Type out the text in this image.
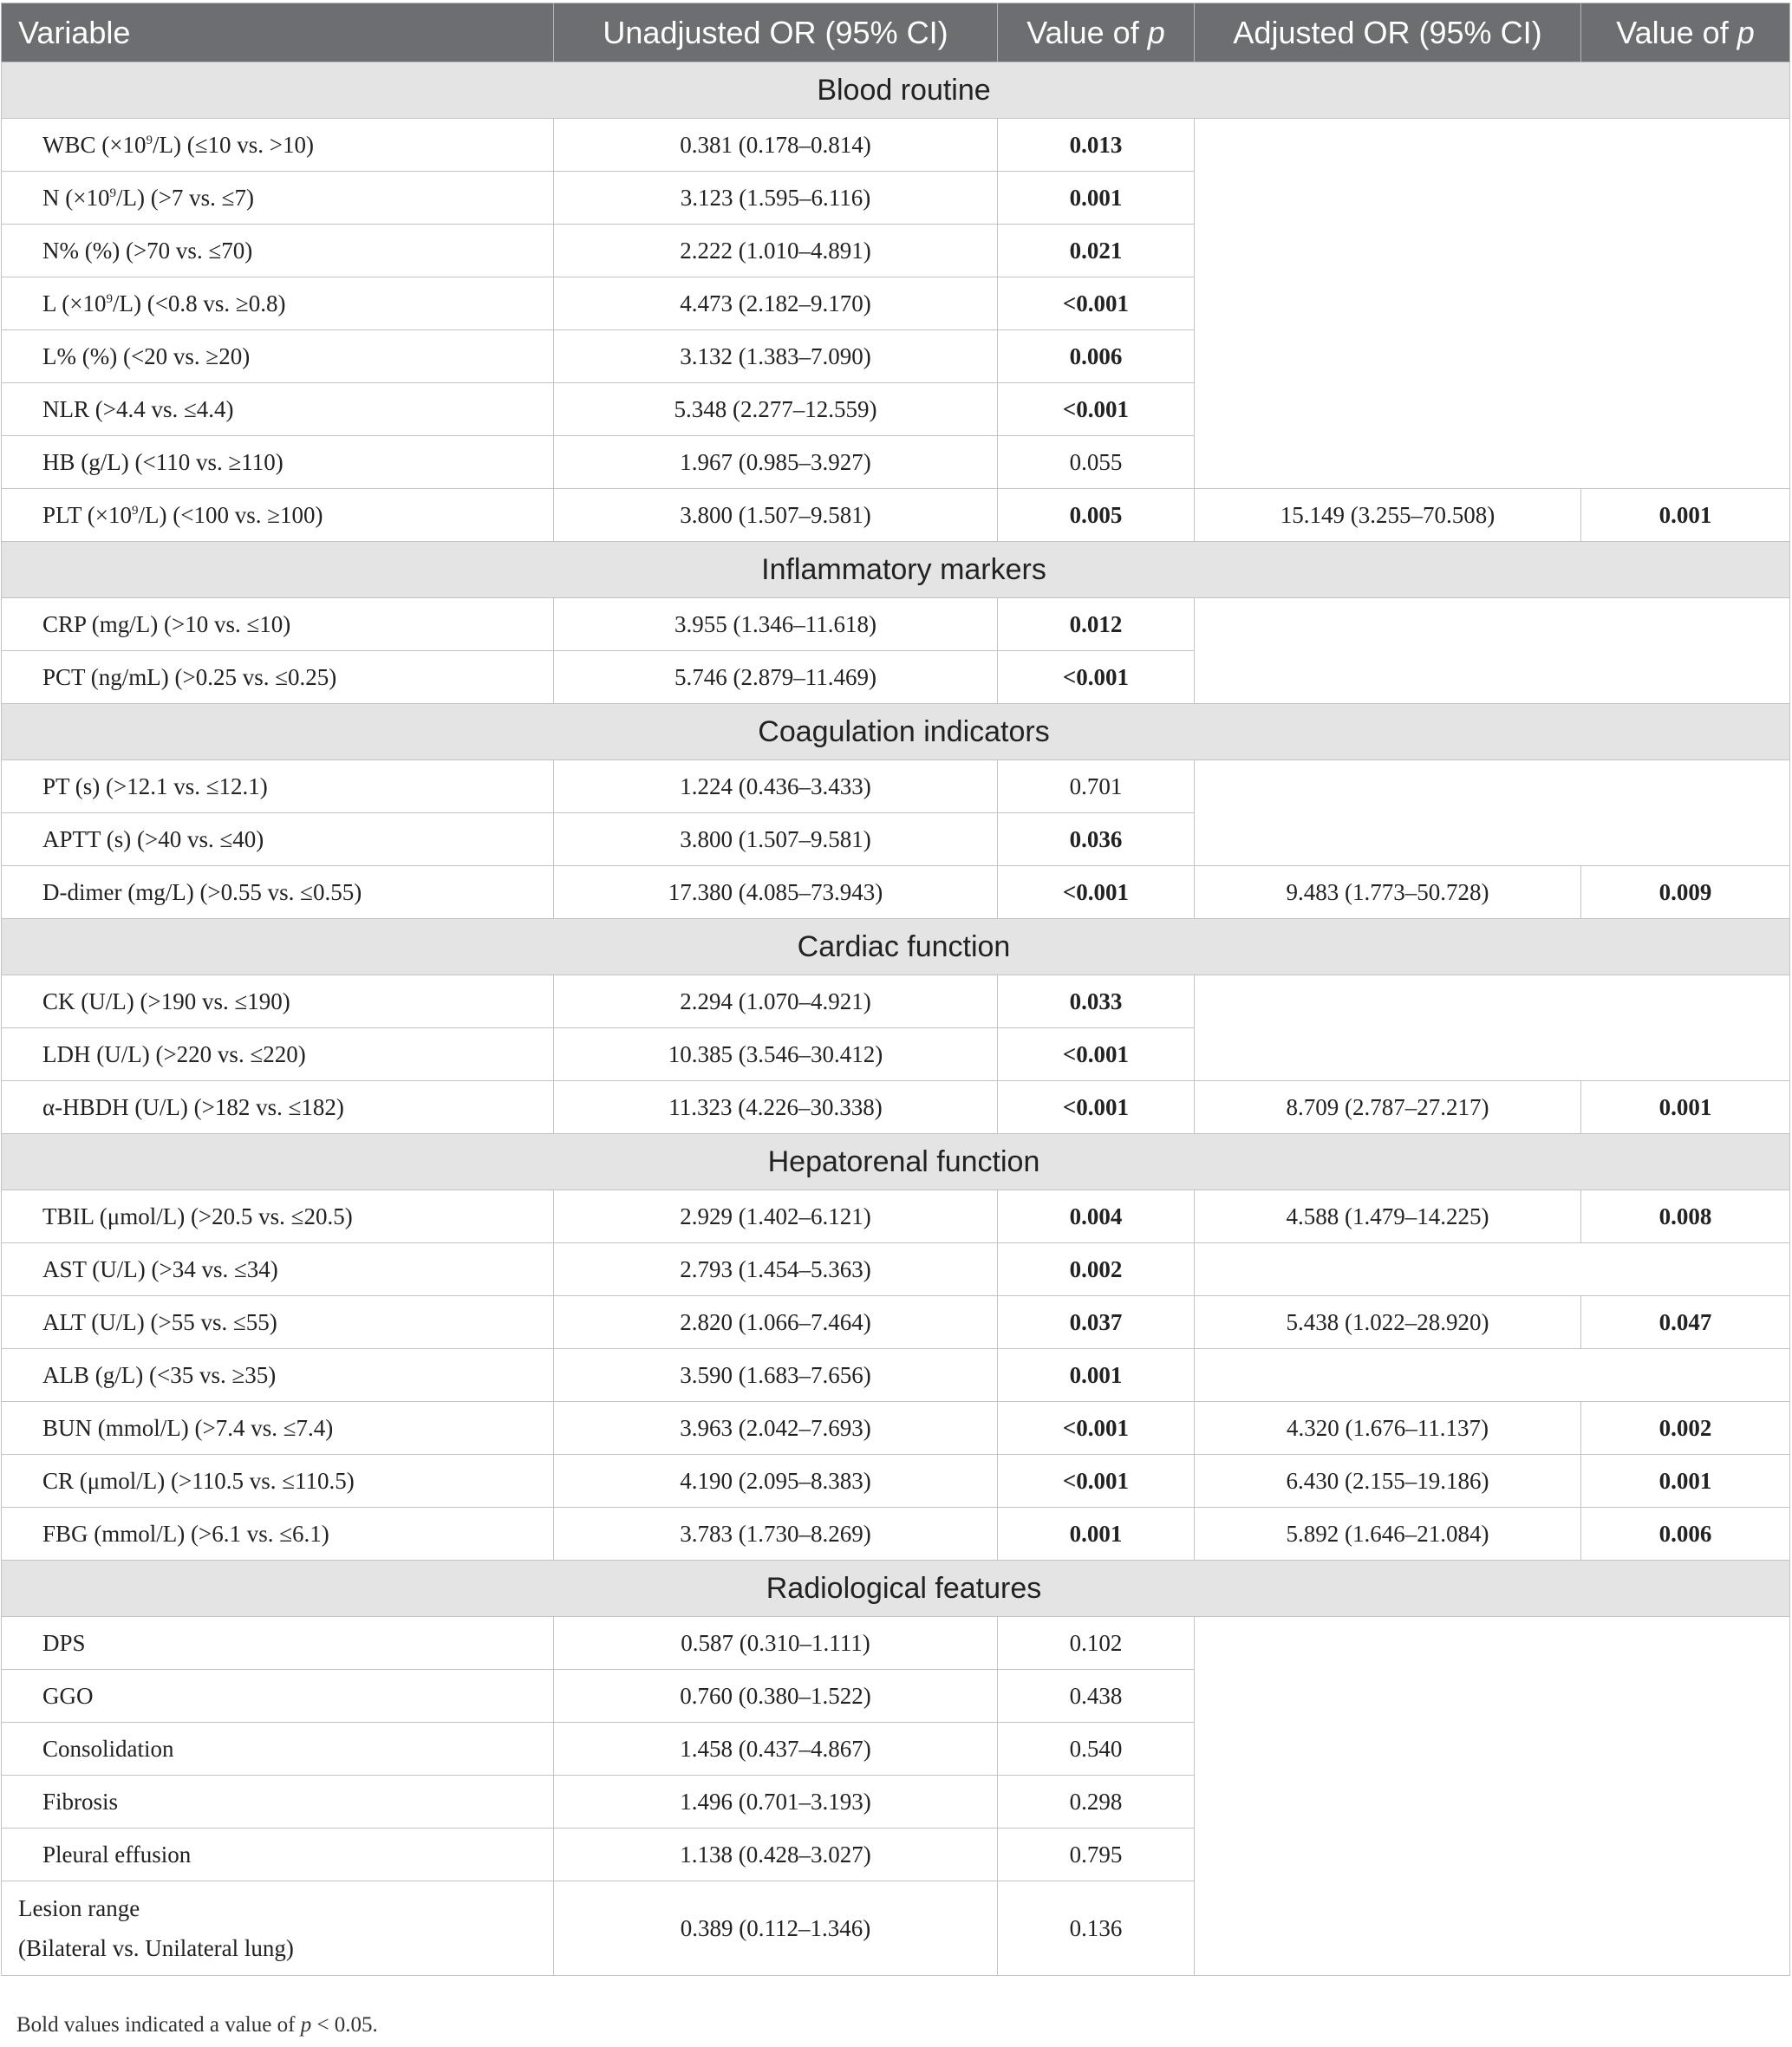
Variable	Unadjusted OR (95% CI)	Value of p	Adjusted OR (95% CI)	Value of p
Blood routine				
WBC $(\times 10^9/L)$ (≤10 vs. >10)	0.381 (0.178–0.814)	0.013		
N $(\times 10^9/L)$ (>7 vs. ≤7)	3.123 (1.595–6.116)	0.001		
N% (%) (>70 vs. ≤70)	2.222 (1.010–4.891)	0.021		
L $(\times 10^9/L)$ (<0.8 vs. ≥0.8)	4.473 (2.182–9.170)	<0.001		
L% (%) (<20 vs. ≥20)	3.132 (1.383–7.090)	0.006		
NLR (>4.4 vs. ≤4.4)	5.348 (2.277–12.559)	<0.001		
HB (g/L) (<110 vs. ≥110)	1.967 (0.985–3.927)	0.055		
PLT $(\times 10^9/L)$ (<100 vs. ≥100)	3.800 (1.507–9.581)	0.005	15.149 (3.255–70.508)	0.001
Inflammatory markers				
CRP (mg/L) (>10 vs. ≤10)	3.955 (1.346–11.618)	0.012		
PCT (ng/mL) (>0.25 vs. ≤0.25)	5.746 (2.879–11.469)	<0.001		
Coagulation indicators				
PT (s) (>12.1 vs. ≤12.1)	1.224 (0.436–3.433)	0.701		
APTT (s) (>40 vs. ≤40)	3.800 (1.507–9.581)	0.036		
D-dimer (mg/L) (>0.55 vs. ≤0.55)	17.380 (4.085–73.943)	<0.001	9.483 (1.773–50.728)	0.009
Cardiac function				
CK (U/L) (>190 vs. ≤190)	2.294 (1.070–4.921)	0.033		
LDH (U/L) (>220 vs. ≤220)	10.385 (3.546–30.412)	<0.001		
α-HBDH (U/L) (>182 vs. ≤182)	11.323 (4.226–30.338)	<0.001	8.709 (2.787–27.217)	0.001
Hepatorenal function				
TBIL (μmol/L) (>20.5 vs. ≤20.5)	2.929 (1.402–6.121)	0.004	4.588 (1.479–14.225)	0.008
AST (U/L) (>34 vs. ≤34)	2.793 (1.454–5.363)	0.002		
ALT (U/L) (>55 vs. ≤55)	2.820 (1.066–7.464)	0.037	5.438 (1.022–28.920)	0.047
ALB (g/L) (<35 vs. ≥35)	3.590 (1.683–7.656)	0.001		
BUN (mmol/L) (>7.4 vs. ≤7.4)	3.963 (2.042–7.693)	<0.001	4.320 (1.676–11.137)	0.002
CR (μmol/L) (>110.5 vs. ≤110.5)	4.190 (2.095–8.383)	<0.001	6.430 (2.155–19.186)	0.001
FBG (mmol/L) (>6.1 vs. ≤6.1)	3.783 (1.730–8.269)	0.001	5.892 (1.646–21.084)	0.006
Radiological features				
DPS	0.587 (0.310–1.111)	0.102		
GGO	0.760 (0.380–1.522)	0.438		
Consolidation	1.458 (0.437–4.867)	0.540		
Fibrosis	1.496 (0.701–3.193)	0.298		
Pleural effusion	1.138 (0.428–3.027)	0.795		

Lesion range
(Bilateral vs. Unilateral lung)	0.389 (0.112–1.346)	0.136		
Bold values indicated a value of p < 0.05.
